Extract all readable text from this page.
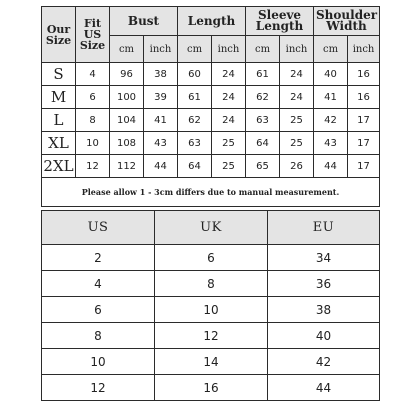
Our Size	Fit US Size	Bust		Length		Sleeve Length		Shoulder Width	
		cm	inch	cm	inch	cm	inch	cm	inch
S	4	96	38	60	24	61	24	40	16
M	6	100	39	61	24	62	24	41	16
L	8	104	41	62	24	63	25	42	17
XL	10	108	43	63	25	64	25	43	17
2XL	12	112	44	64	25	65	26	44	17
Please allow 1 - 3cm differs due to manual measurement.									
US	UK	EU
2	6	34
4	8	36
6	10	38
8	12	40
10	14	42
12	16	44
